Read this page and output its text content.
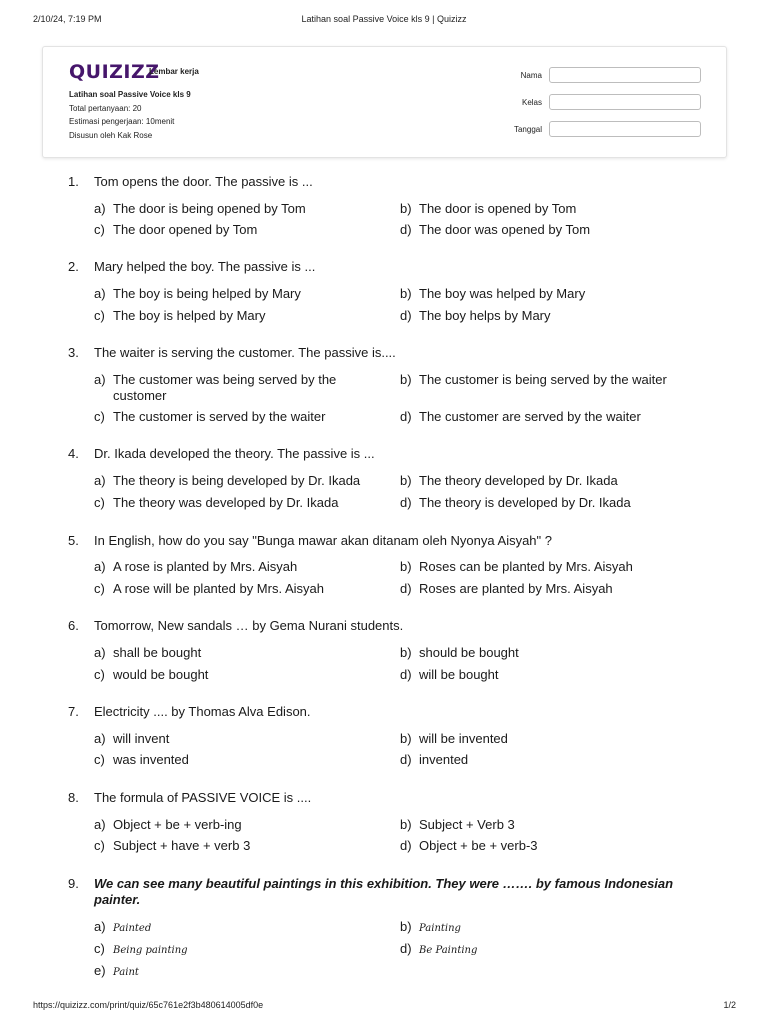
2/10/24, 7:19 PM	Latihan soal Passive Voice kls 9 | Quizizz
QUIZIZZ
Lembar kerja
Latihan soal Passive Voice kls 9
Total pertanyaan: 20
Estimasi pengerjaan: 10menit
Disusun oleh Kak Rose
Nama
Kelas
Tanggal
1. Tom opens the door. The passive is ...
a) The door is being opened by Tom	b) The door is opened by Tom
c) The door opened by Tom	d) The door was opened by Tom
2. Mary helped the boy. The passive is ...
a) The boy is being helped by Mary	b) The boy was helped by Mary
c) The boy is helped by Mary	d) The boy helps by Mary
3. The waiter is serving the customer. The passive is....
a) The customer was being served by the customer
b) The customer is being served by the waiter
c) The customer is served by the waiter	d) The customer are served by the waiter
4. Dr. Ikada developed the theory. The passive is ...
a) The theory is being developed by Dr. Ikada	b) The theory developed by Dr. Ikada
c) The theory was developed by Dr. Ikada	d) The theory is developed by Dr. Ikada
5. In English, how do you say "Bunga mawar akan ditanam oleh Nyonya Aisyah" ?
a) A rose is planted by Mrs. Aisyah	b) Roses can be planted by Mrs. Aisyah
c) A rose will be planted by Mrs. Aisyah	d) Roses are planted by Mrs. Aisyah
6. Tomorrow, New sandals … by Gema Nurani students.
a) shall be bought	b) should be bought
c) would be bought	d) will be bought
7. Electricity .... by Thomas Alva Edison.
a) will invent	b) will be invented
c) was invented	d) invented
8. The formula of PASSIVE VOICE is ....
a) Object + be + verb-ing	b) Subject + Verb 3
c) Subject + have + verb 3	d) Object + be + verb-3
9. We can see many beautiful paintings in this exhibition. They were ……. by famous Indonesian painter.
a) Painted	b) Painting
c) Being painting	d) Be Painting
e) Paint
https://quizizz.com/print/quiz/65c761e2f3b480614005df0e	1/2
